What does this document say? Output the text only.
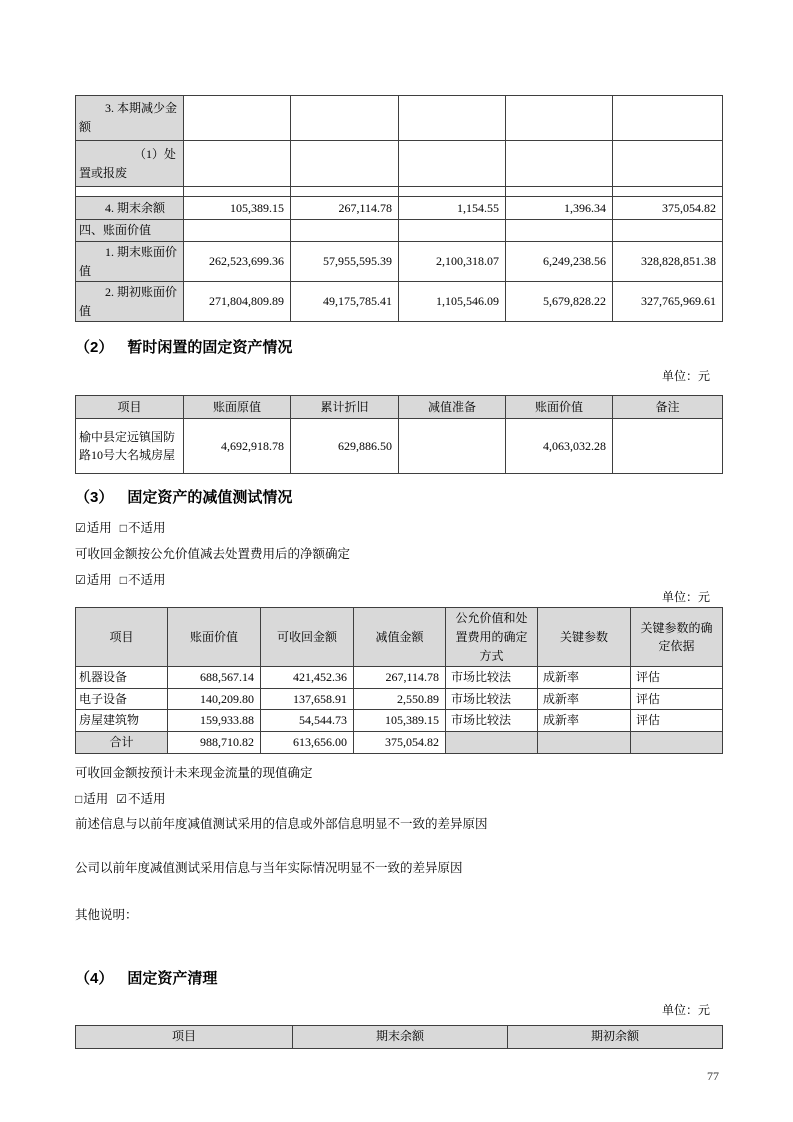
3. 本期减少金额					
（1）处置或报废					

4. 期末余额	105,389.15	267,114.78	1,154.55	1,396.34	375,054.82
四、账面价值					
1. 期末账面价值	262,523,699.36	57,955,595.39	2,100,318.07	6,249,238.56	328,828,851.38
2. 期初账面价值	271,804,809.89	49,175,785.41	1,105,546.09	5,679,828.22	327,765,969.61
（2） 暂时闲置的固定资产情况
单位：元
项目	账面原值	累计折旧	减值准备	账面价值	备注
榆中县定远镇国防路10号大名城房屋	4,692,918.78	629,886.50		4,063,032.28	
（3） 固定资产的减值测试情况

☑适用 □不适用

可收回金额按公允价值减去处置费用后的净额确定

☑适用 □不适用

单位：元
项目	账面价值	可收回金额	减值金额	公允价值和处置费用的确定方式	关键参数	关键参数的确定依据
机器设备	688,567.14	421,452.36	267,114.78	市场比较法	成新率	评估
电子设备	140,209.80	137,658.91	2,550.89	市场比较法	成新率	评估
房屋建筑物	159,933.88	54,544.73	105,389.15	市场比较法	成新率	评估
合计	988,710.82	613,656.00	375,054.82			

可收回金额按预计未来现金流量的现值确定

□适用 ☑不适用

前述信息与以前年度减值测试采用的信息或外部信息明显不一致的差异原因

公司以前年度减值测试采用信息与当年实际情况明显不一致的差异原因

其他说明：

（4） 固定资产清理
单位：元
项目	期末余额	期初余额
77
